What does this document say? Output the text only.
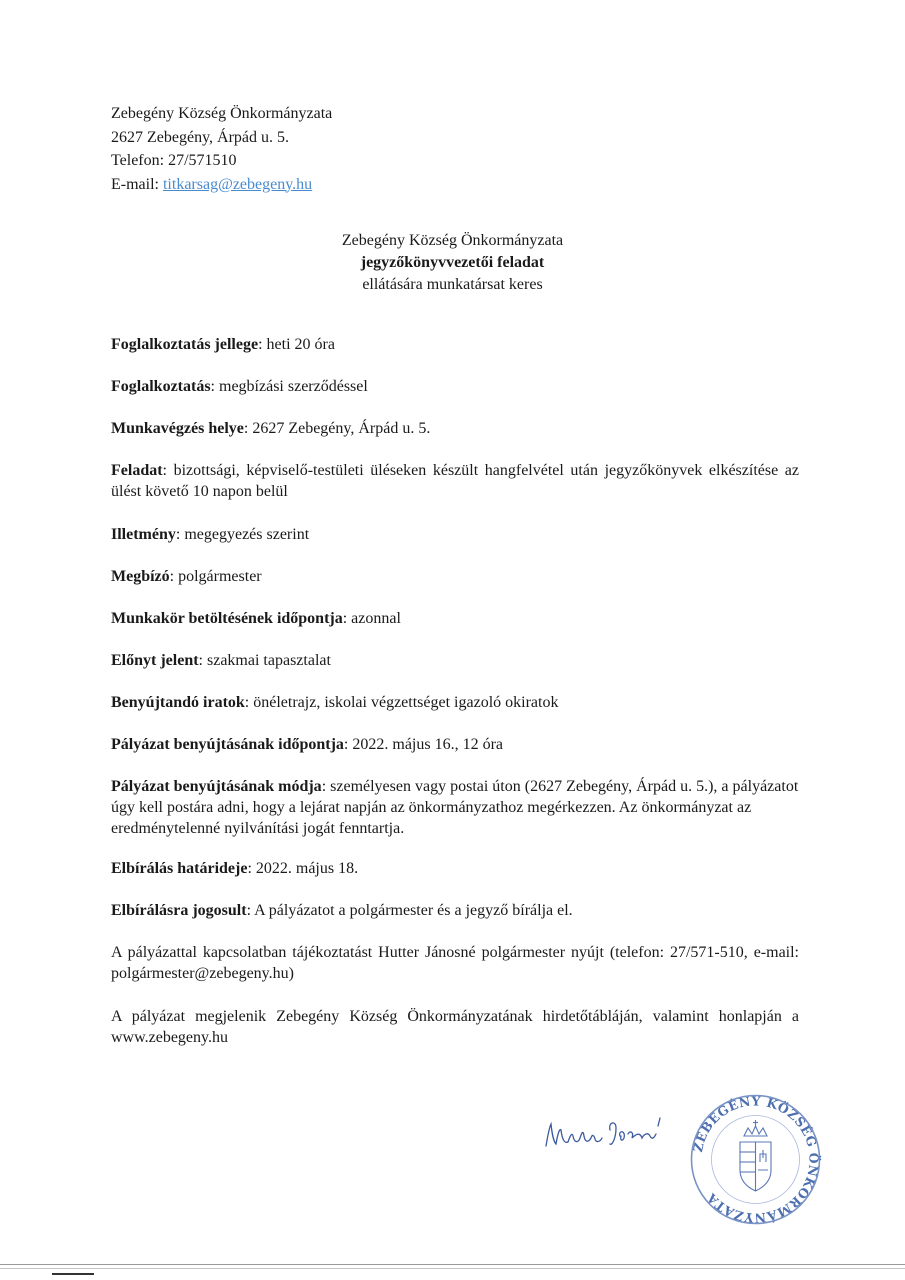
Zebegény Község Önkormányzata
2627 Zebegény, Árpád u. 5.
Telefon: 27/571510
E-mail: titkarsag@zebegeny.hu
Zebegény Község Önkormányzata
jegyzőkönyvvezetői feladat
ellátására munkatársat keres
Foglalkoztatás jellege: heti 20 óra
Foglalkoztatás: megbízási szerződéssel
Munkavégzés helye: 2627 Zebegény, Árpád u. 5.
Feladat: bizottsági, képviselő-testületi üléseken készült hangfelvétel után jegyzőkönyvek elkészítése az ülést követő 10 napon belül
Illetmény: megegyezés szerint
Megbízó: polgármester
Munkakör betöltésének időpontja: azonnal
Előnyt jelent: szakmai tapasztalat
Benyújtandó iratok: önéletrajz, iskolai végzettséget igazoló okiratok
Pályázat benyújtásának időpontja: 2022. május 16., 12 óra
Pályázat benyújtásának módja: személyesen vagy postai úton (2627 Zebegény, Árpád u. 5.), a pályázatot úgy kell postára adni, hogy a lejárat napján az önkormányzathoz megérkezzen. Az önkormányzat az eredménytelenné nyilvánítási jogát fenntartja.
Elbírálás határideje: 2022. május 18.
Elbírálásra jogosult: A pályázatot a polgármester és a jegyző bírálja el.
A pályázattal kapcsolatban tájékoztatást Hutter Jánosné polgármester nyújt (telefon: 27/571-510, e-mail: polgármester@zebegeny.hu)
A pályázat megjelenik Zebegény Község Önkormányzatának hirdetőtábláján, valamint honlapján a www.zebegeny.hu
ZEBEGÉNY KÖZSÉG ÖNKORMÁNYZATA
